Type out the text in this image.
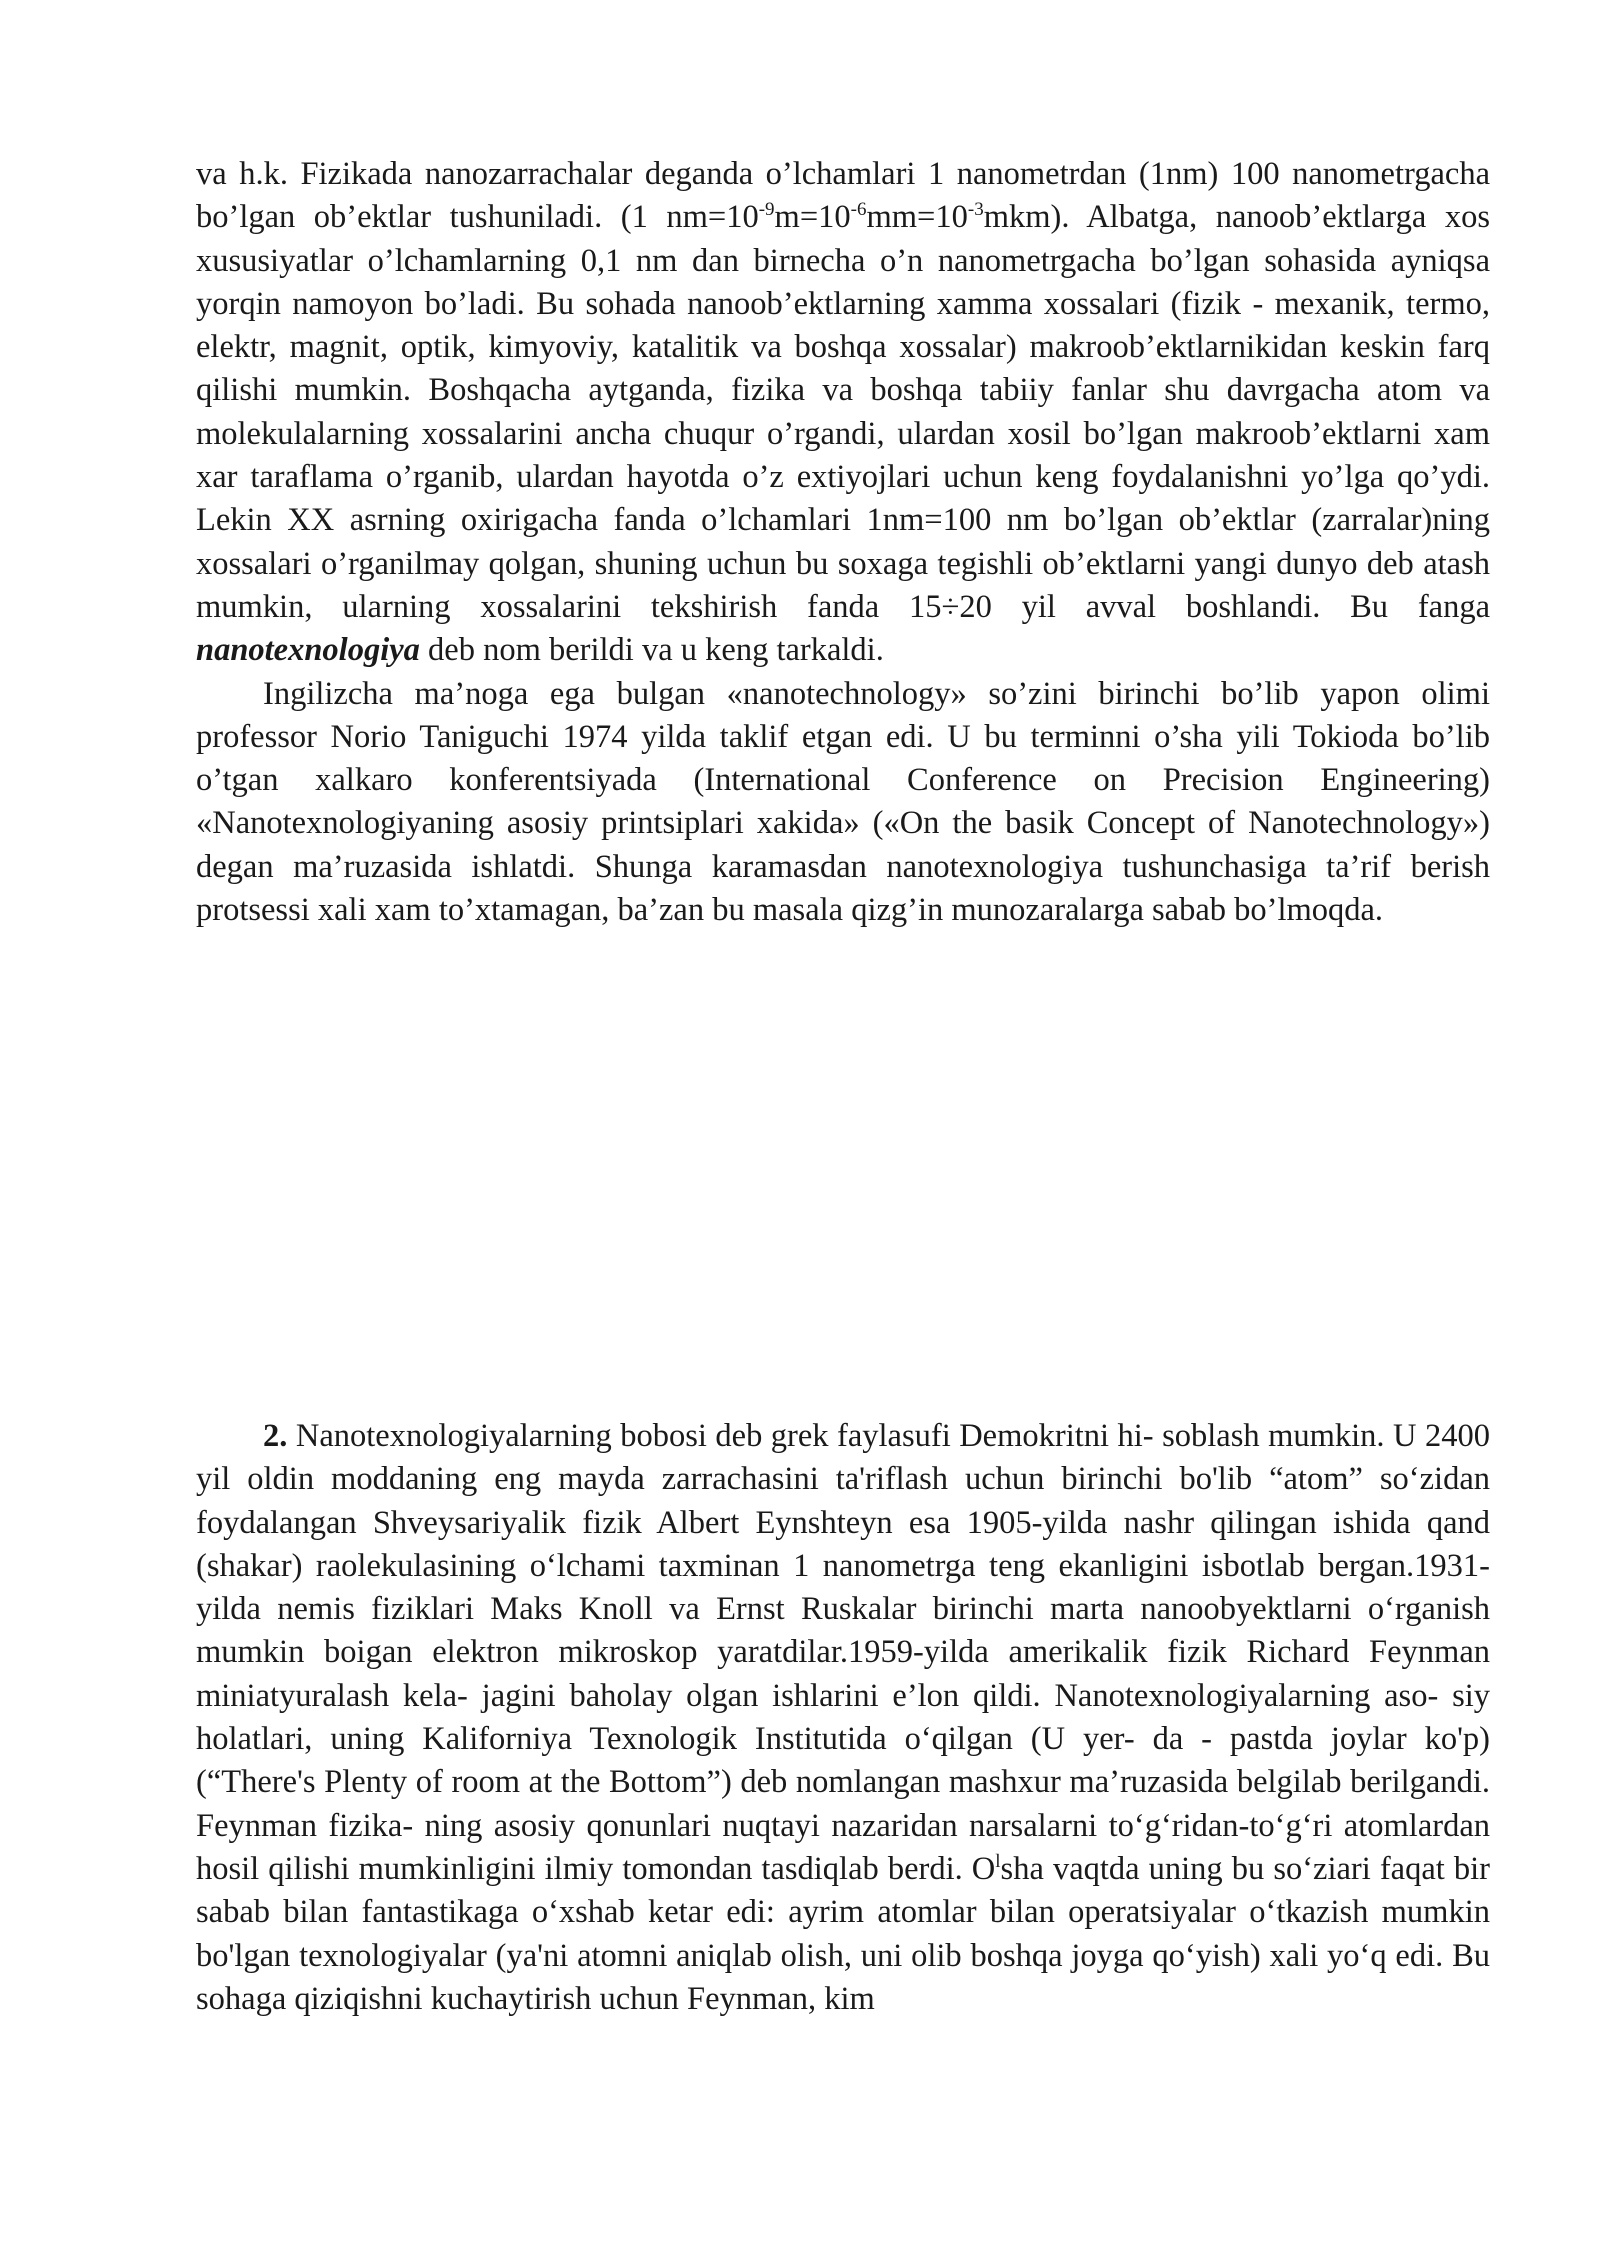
va h.k. Fizikada nanozarrachalar deganda o’lchamlari 1 nanometrdan (1nm) 100 nanometrgacha bo’lgan ob’ektlar tushuniladi. (1 $nm=10^{-9}m=10^{-6}mm=10^{-3}mkm$). Albatga, nanoob’ektlarga xos xususiyatlar o’lchamlarning 0,1 nm dan birnecha o’n nanometrgacha bo’lgan sohasida ayniqsa yorqin namoyon bo’ladi. Bu sohada nanoob’ektlarning xamma xossalari (fizik - mexanik, termo, elektr, magnit, optik, kimyoviy, katalitik va boshqa xossalar) makroob’ektlarnikidan keskin farq qilishi mumkin. Boshqacha aytganda, fizika va boshqa tabiiy fanlar shu davrgacha atom va molekulalarning xossalarini ancha chuqur o’rgandi, ulardan xosil bo’lgan makroob’ektlarni xam xar taraflama o’rganib, ulardan hayotda o’z extiyojlari uchun keng foydalanishni yo’lga qo’ydi. Lekin XX asrning oxirigacha fanda o’lchamlari 1nm=100 nm bo’lgan ob’ektlar (zarralar)ning xossalari o’rganilmay qolgan, shuning uchun bu soxaga tegishli ob’ektlarni yangi dunyo deb atash mumkin, ularning xossalarini tekshirish fanda 15÷20 yil avval boshlandi. Bu fanga nanotexnologiya deb nom berildi va u keng tarkaldi.

Ingilizcha ma’noga ega bulgan «nanotechnology» so’zini birinchi bo’lib yapon olimi professor Norio Taniguchi 1974 yilda taklif etgan edi. U bu terminni o’sha yili Tokioda bo’lib o’tgan xalkaro konferentsiyada (International Conference on Precision Engineering) «Nanotexnologiyaning asosiy printsiplari xakida» («On the basik Concept of Nanotechnology») degan ma’ruzasida ishlatdi. Shunga karamasdan nanotexnologiya tushunchasiga ta’rif berish protsessi xali xam to’xtamagan, ba’zan bu masala qizg’in munozaralarga sabab bo’lmoqda.

2. Nanotexnologiyalarning bobosi deb grek faylasufi Demokritni hi- soblash mumkin. U 2400 yil oldin moddaning eng mayda zarrachasini ta'riflash uchun birinchi bo'lib “atom” so‘zidan foydalangan Shveysariyalik fizik Albert Eynshteyn esa 1905-yilda nashr qilingan ishida qand (shakar) raolekulasining o‘lchami taxminan 1 nanometrga teng ekanligini isbotlab bergan.1931-yilda nemis fiziklari Maks Knoll va Ernst Ruskalar birinchi marta nanoobyektlarni o‘rganish mumkin boigan elektron mikroskop yaratdilar.1959-yilda amerikalik fizik Richard Feynman miniatyuralash kela- jagini baholay olgan ishlarini e’lon qildi. Nanotexnologiyalarning aso- siy holatlari, uning Kaliforniya Texnologik Institutida o‘qilgan (U yer- da - pastda joylar ko'p) (“There's Plenty of room at the Bottom”) deb nomlangan mashxur ma’ruzasida belgilab berilgandi. Feynman fizika- ning asosiy qonunlari nuqtayi nazaridan narsalarni to‘g‘ridan-to‘g‘ri atomlardan hosil qilishi mumkinligini ilmiy tomondan tasdiqlab berdi. $O^lsha$ vaqtda uning bu so‘ziari faqat bir sabab bilan fantastikaga o‘xshab ketar edi: ayrim atomlar bilan operatsiyalar o‘tkazish mumkin bo'lgan texnologiyalar (ya'ni atomni aniqlab olish, uni olib boshqa joyga qo‘yish) xali yo‘q edi. Bu sohaga qiziqishni kuchaytirish uchun Feynman, kim
